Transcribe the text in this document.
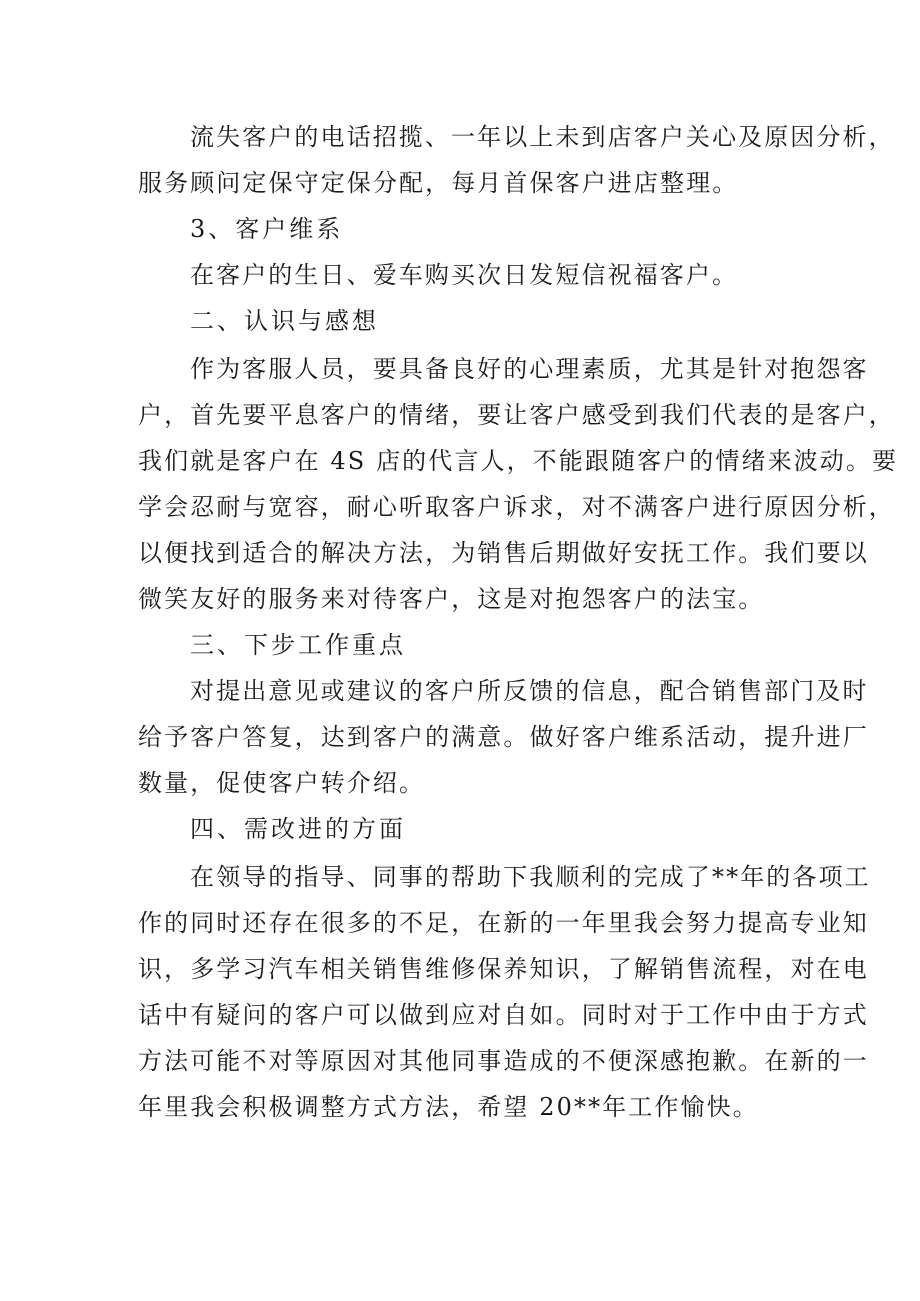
流失客户的电话招揽、一年以上未到店客户关心及原因分析，
服务顾问定保守定保分配，每月首保客户进店整理。
3、客户维系
在客户的生日、爱车购买次日发短信祝福客户。
二、认识与感想
作为客服人员，要具备良好的心理素质，尤其是针对抱怨客
户，首先要平息客户的情绪，要让客户感受到我们代表的是客户，
我们就是客户在 4S 店的代言人，不能跟随客户的情绪来波动。要
学会忍耐与宽容，耐心听取客户诉求，对不满客户进行原因分析，
以便找到适合的解决方法，为销售后期做好安抚工作。我们要以
微笑友好的服务来对待客户，这是对抱怨客户的法宝。
三、下步工作重点
对提出意见或建议的客户所反馈的信息，配合销售部门及时
给予客户答复，达到客户的满意。做好客户维系活动，提升进厂
数量，促使客户转介绍。
四、需改进的方面
在领导的指导、同事的帮助下我顺利的完成了**年的各项工
作的同时还存在很多的不足，在新的一年里我会努力提高专业知
识，多学习汽车相关销售维修保养知识，了解销售流程，对在电
话中有疑问的客户可以做到应对自如。同时对于工作中由于方式
方法可能不对等原因对其他同事造成的不便深感抱歉。在新的一
年里我会积极调整方式方法，希望 20**年工作愉快。
